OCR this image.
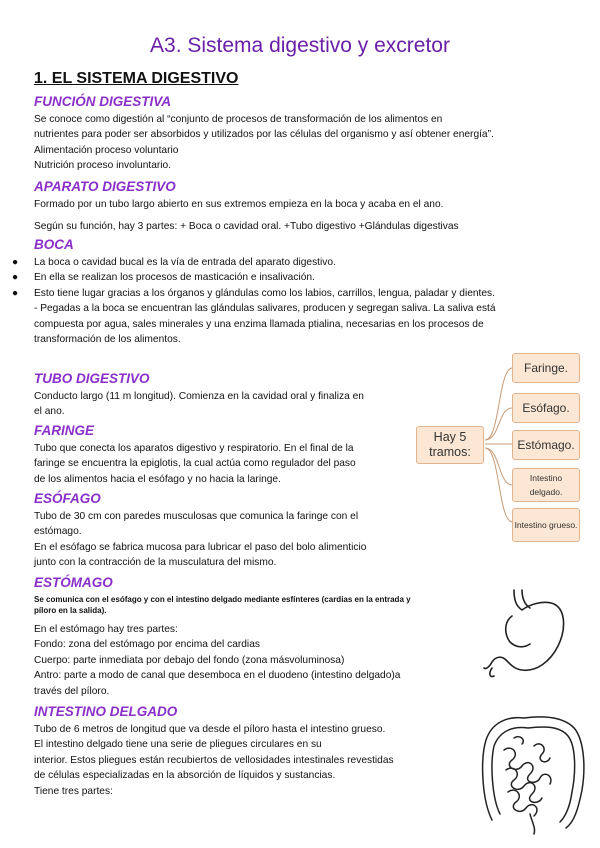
A3. Sistema digestivo y excretor
1. EL SISTEMA DIGESTIVO
FUNCIÓN DIGESTIVA
Se conoce como digestión al “conjunto de procesos de transformación de los alimentos en
nutrientes para poder ser absorbidos y utilizados por las células del organismo y así obtener energía”.
Alimentación proceso voluntario
Nutrición proceso involuntario.
APARATO DIGESTIVO
Formado por un tubo largo abierto en sus extremos empieza en la boca y acaba en el ano.
Según su función, hay 3 partes: + Boca o cavidad oral. +Tubo digestivo +Glándulas digestivas
BOCA
● La boca o cavidad bucal es la vía de entrada del aparato digestivo.
● En ella se realizan los procesos de masticación e insalivación.
● Esto tiene lugar gracias a los órganos y glándulas como los labios, carrillos, lengua, paladar y dientes.
- Pegadas a la boca se encuentran las glándulas salivares, producen y segregan saliva. La saliva está
compuesta por agua, sales minerales y una enzima llamada ptialina, necesarias en los procesos de
transformación de los alimentos.
TUBO DIGESTIVO
Conducto largo (11 m longitud). Comienza en la cavidad oral y finaliza en
el ano.
FARINGE
Tubo que conecta los aparatos digestivo y respiratorio. En el final de la
faringe se encuentra la epiglotis, la cual actúa como regulador del paso
de los alimentos hacia el esófago y no hacia la laringe.
ESÓFAGO
Tubo de 30 cm con paredes musculosas que comunica la faringe con el
estómago.
En el esófago se fabrica mucosa para lubricar el paso del bolo alimenticio
junto con la contracción de la musculatura del mismo.
ESTÓMAGO
Se comunica con el esófago y con el intestino delgado mediante esfínteres (cardias en la entrada y
píloro en la salida).
En el estómago hay tres partes:
Fondo: zona del estómago por encima del cardias
Cuerpo: parte inmediata por debajo del fondo (zona másvoluminosa)
Antro: parte a modo de canal que desemboca en el duodeno (intestino delgado)a
través del píloro.
INTESTINO DELGADO
Tubo de 6 metros de longitud que va desde el píloro hasta el intestino grueso.
El intestino delgado tiene una serie de pliegues circulares en su
interior. Estos pliegues están recubiertos de vellosidades intestinales revestidas
de células especializadas en la absorción de líquidos y sustancias.
Tiene tres partes:
Hay 5 tramos:
Faringe.
Esófago.
Estómago.
Intestino delgado.
Intestino grueso.
